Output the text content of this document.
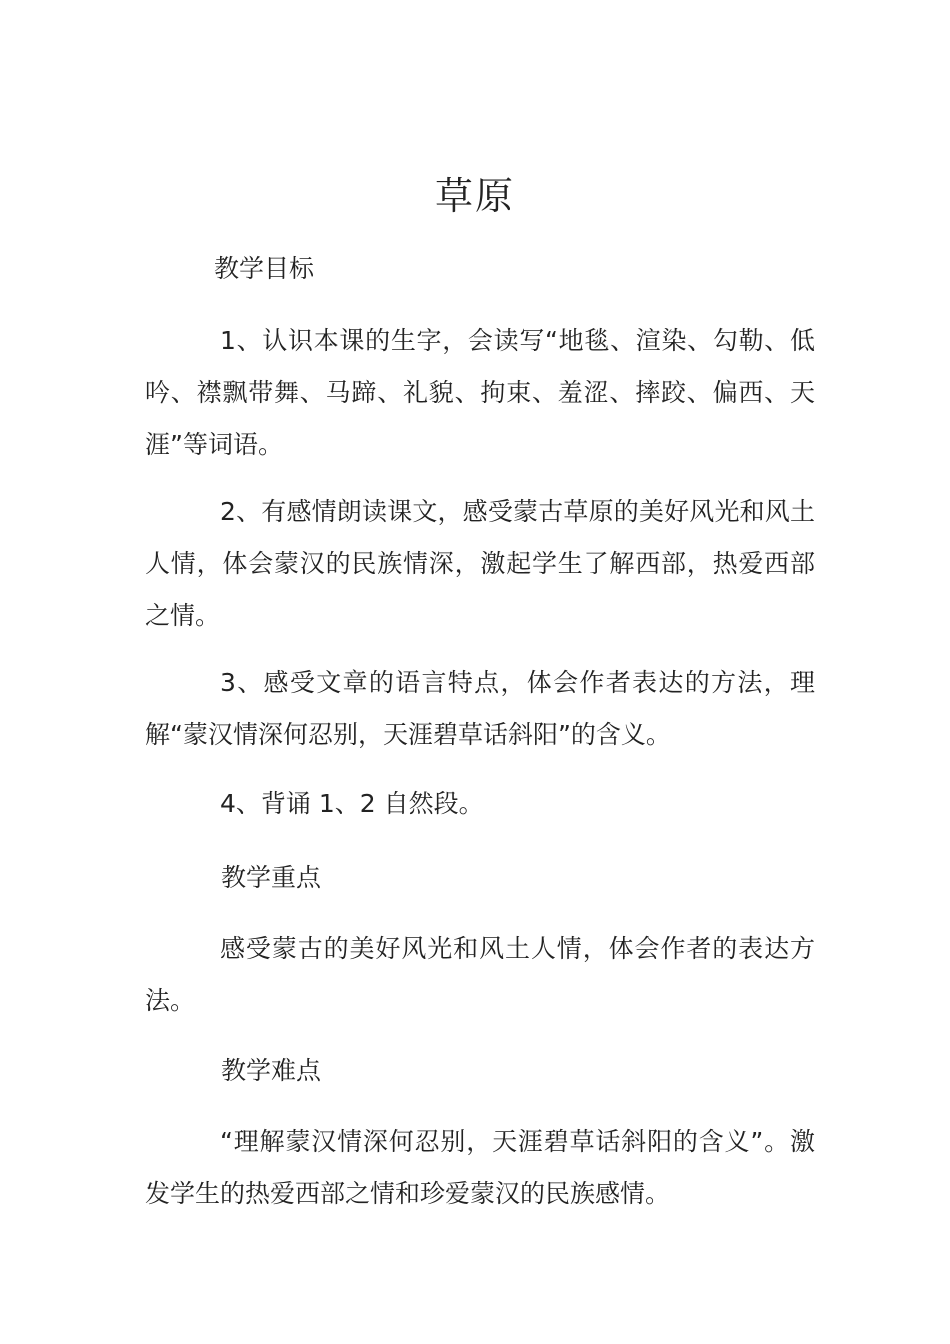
草原
教学目标
1、认识本课的生字，会读写“地毯、渲染、勾勒、低吟、襟飘带舞、马蹄、礼貌、拘束、羞涩、摔跤、偏西、天涯”等词语。
2、有感情朗读课文，感受蒙古草原的美好风光和风土人情，体会蒙汉的民族情深，激起学生了解西部，热爱西部之情。
3、感受文章的语言特点，体会作者表达的方法，理解“蒙汉情深何忍别，天涯碧草话斜阳”的含义。
4、背诵 1、2 自然段。
教学重点
感受蒙古的美好风光和风土人情，体会作者的表达方法。
教学难点
“理解蒙汉情深何忍别，天涯碧草话斜阳的含义”。激发学生的热爱西部之情和珍爱蒙汉的民族感情。
